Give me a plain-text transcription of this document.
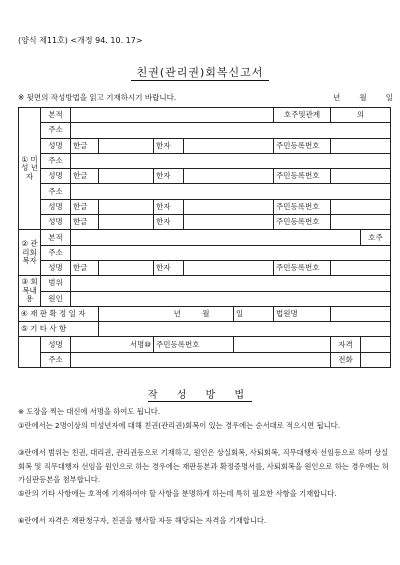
(양식 제11호) <개정 94. 10. 17>
친권(관리권)회복신고서
※ 뒷면의 작성방법을 읽고 기재하시기 바랍니다.	년	월	일
① 미 성 년 자	본적						호주및관계	의	
	주소								
	성명	한글		한자			주민등록번호		
	주소								
	성명	한글		한자			주민등록번호		
	주소								
	성명	한글		한자			주민등록번호		
	성명	한글		한자			주민등록번호		
② 관리회복자	본적								호주
	주소								
	성명	한글		한자			주민등록번호		
③ 회복내용	범위								
	원인								
④ 재 판 확 정 일 자			년 월			일	법원명		
⑤ 기 타 사 항									
	성명	서명⑩		주민등록번호				자격	
	주소							전화	
작 성 방 법
※ 도장을 찍는 대신에 서명을 하여도 됩니다.
①란에서는 2명이상의 미성년자에 대해 친권(관리권)회복이 있는 경우에는 순서대로 적으시면 됩니다.
③란에서 범위는 친권, 대리권, 관리권등으로 기재하고, 원인은 상실회복, 사퇴회복, 직무대행자 선임등으로 하며 상실회복 및 직무대행자 선임을 원인으로 하는 경우에는 재판등본과 확정증명서를, 사퇴회복을 원인으로 하는 경우에는 허가심판등본을 첨부합니다.
⑤란의 기타 사항에는 호적에 기재하여야 할 사항을 분명하게 하는데 특히 필요한 사항을 기재합니다.
⑥란에서 자격은 재판청구자, 친권을 행사할 자등 해당되는 자격을 기재합니다.
